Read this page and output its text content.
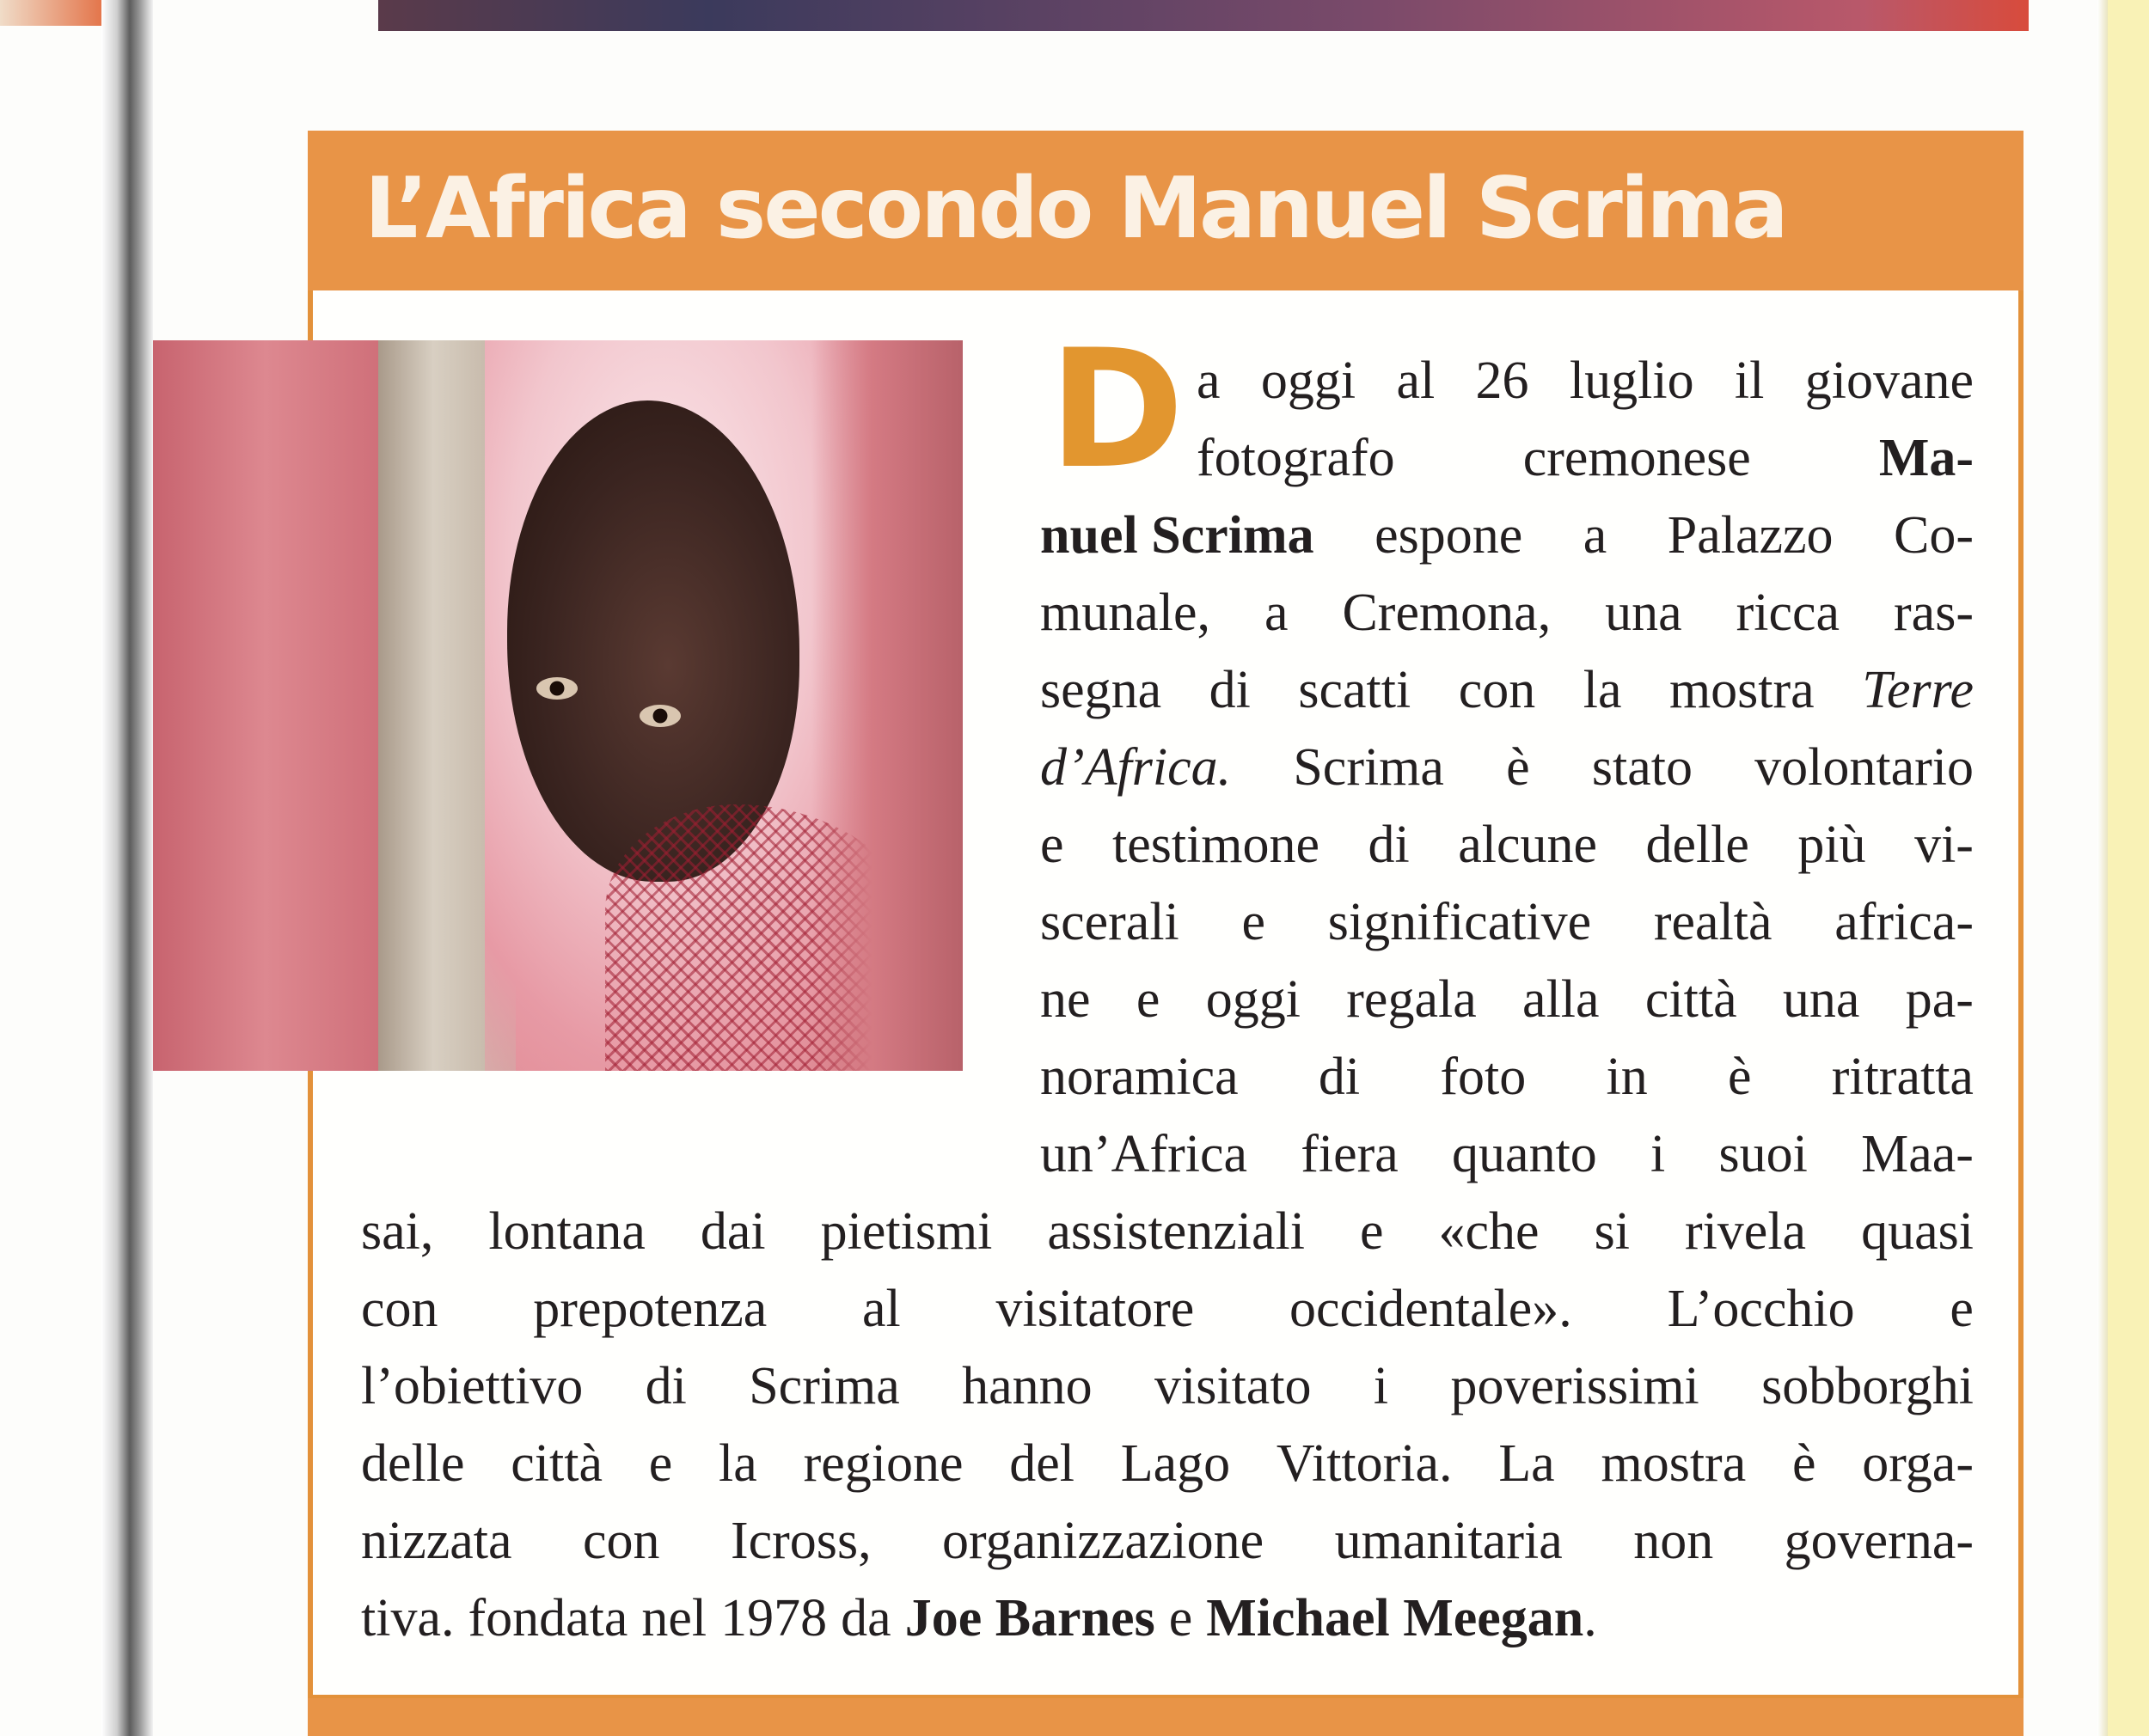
L’Africa secondo Manuel Scrima
D a oggi al 26 luglio il giovane
fotografo cremonese Ma-
nuel Scrima espone a Palazzo Co-
munale, a Cremona, una ricca ras-
segna di scatti con la mostra Terre
d’Africa. Scrima è stato volontario
e testimone di alcune delle più vi-
scerali e significative realtà africa-
ne e oggi regala alla città una pa-
noramica di foto in è ritratta
un’Africa fiera quanto i suoi Maa-
sai, lontana dai pietismi assistenziali e «che si rivela quasi
con prepotenza al visitatore occidentale». L’occhio e
l’obiettivo di Scrima hanno visitato i poverissimi sobborghi
delle città e la regione del Lago Vittoria. La mostra è orga-
nizzata con Icross, organizzazione umanitaria non governa-
tiva. fondata nel 1978 da Joe Barnes e Michael Meegan .
